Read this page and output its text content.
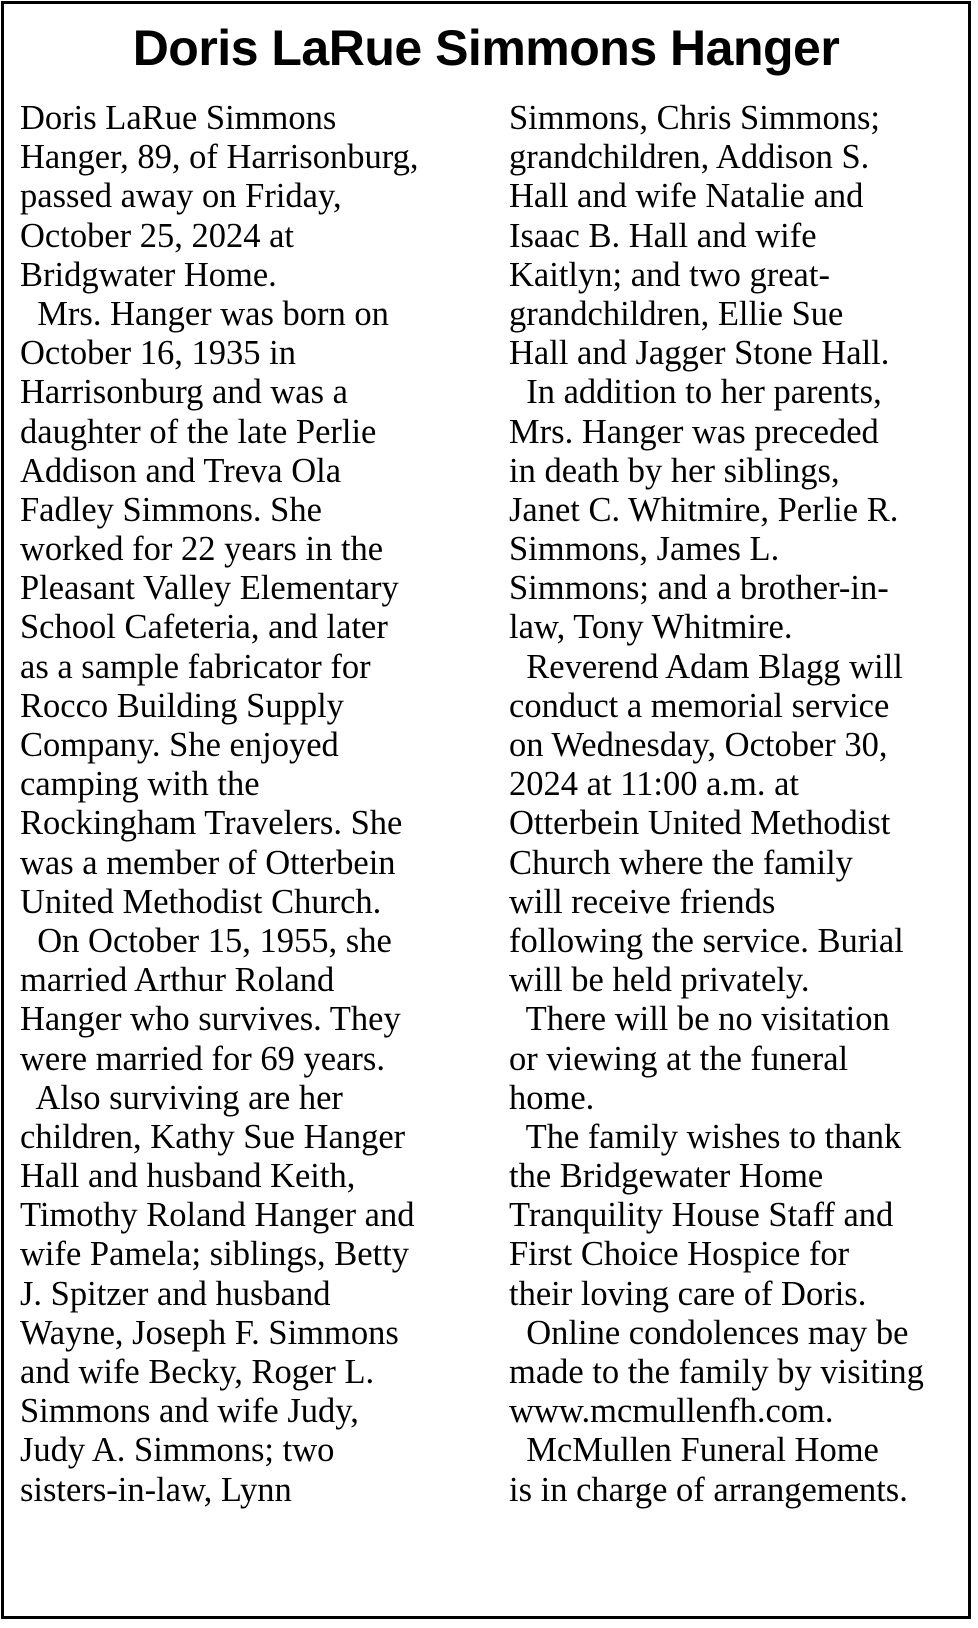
Doris LaRue Simmons Hanger
Doris LaRue Simmons
Hanger, 89, of Harrisonburg,
passed away on Friday,
October 25, 2024 at
Bridgwater Home.
Mrs. Hanger was born on
October 16, 1935 in
Harrisonburg and was a
daughter of the late Perlie
Addison and Treva Ola
Fadley Simmons. She
worked for 22 years in the
Pleasant Valley Elementary
School Cafeteria, and later
as a sample fabricator for
Rocco Building Supply
Company. She enjoyed
camping with the
Rockingham Travelers. She
was a member of Otterbein
United Methodist Church.
On October 15, 1955, she
married Arthur Roland
Hanger who survives. They
were married for 69 years.
Also surviving are her
children, Kathy Sue Hanger
Hall and husband Keith,
Timothy Roland Hanger and
wife Pamela; siblings, Betty
J. Spitzer and husband
Wayne, Joseph F. Simmons
and wife Becky, Roger L.
Simmons and wife Judy,
Judy A. Simmons; two
sisters-in-law, Lynn
Simmons, Chris Simmons;
grandchildren, Addison S.
Hall and wife Natalie and
Isaac B. Hall and wife
Kaitlyn; and two great-
grandchildren, Ellie Sue
Hall and Jagger Stone Hall.
In addition to her parents,
Mrs. Hanger was preceded
in death by her siblings,
Janet C. Whitmire, Perlie R.
Simmons, James L.
Simmons; and a brother-in-
law, Tony Whitmire.
Reverend Adam Blagg will
conduct a memorial service
on Wednesday, October 30,
2024 at 11:00 a.m. at
Otterbein United Methodist
Church where the family
will receive friends
following the service. Burial
will be held privately.
There will be no visitation
or viewing at the funeral
home.
The family wishes to thank
the Bridgewater Home
Tranquility House Staff and
First Choice Hospice for
their loving care of Doris.
Online condolences may be
made to the family by visiting
www.mcmullenfh.com.
McMullen Funeral Home
is in charge of arrangements.
